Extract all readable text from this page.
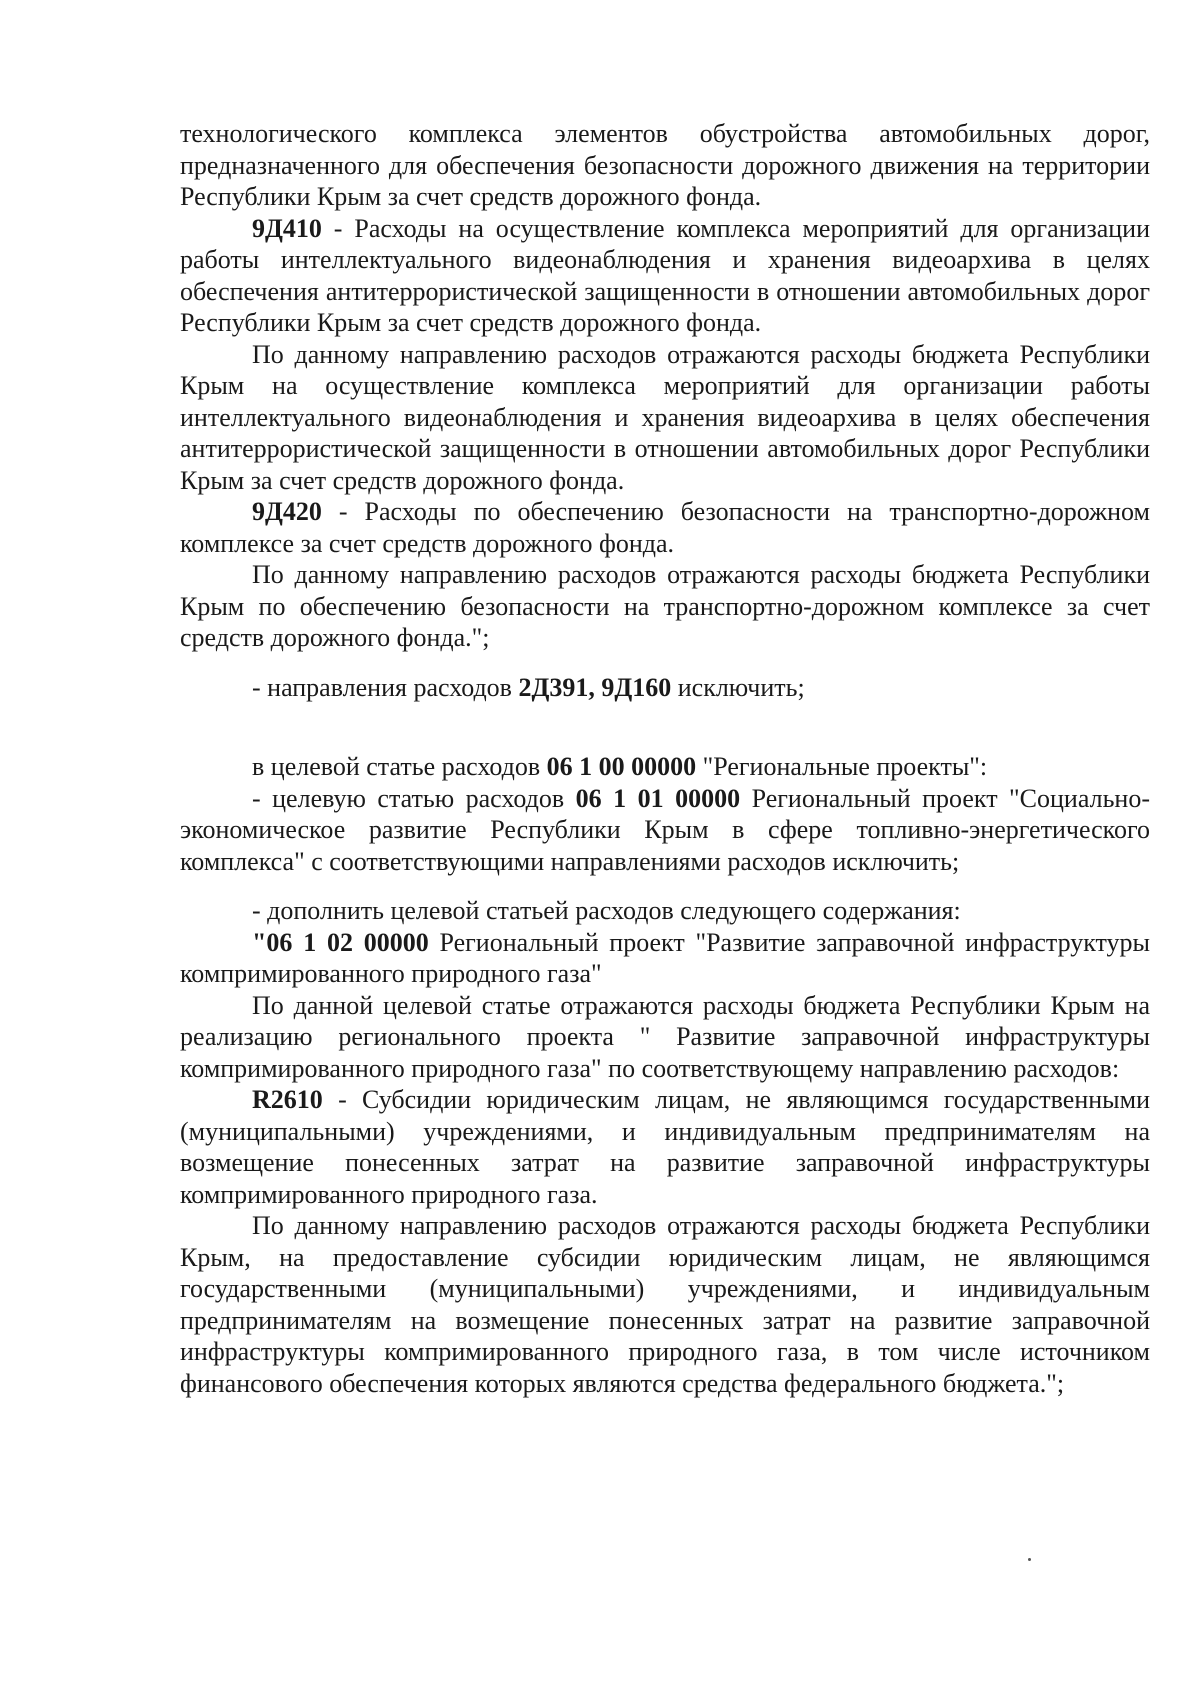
технологического комплекса элементов обустройства автомобильных дорог, предназначенного для обеспечения безопасности дорожного движения на территории Республики Крым за счет средств дорожного фонда.

9Д410 - Расходы на осуществление комплекса мероприятий для организации работы интеллектуального видеонаблюдения и хранения видеоархива в целях обеспечения антитеррористической защищенности в отношении автомобильных дорог Республики Крым за счет средств дорожного фонда.

По данному направлению расходов отражаются расходы бюджета Республики Крым на осуществление комплекса мероприятий для организации работы интеллектуального видеонаблюдения и хранения видеоархива в целях обеспечения антитеррористической защищенности в отношении автомобильных дорог Республики Крым за счет средств дорожного фонда.

9Д420 - Расходы по обеспечению безопасности на транспортно-дорожном комплексе за счет средств дорожного фонда.

По данному направлению расходов отражаются расходы бюджета Республики Крым по обеспечению безопасности на транспортно-дорожном комплексе за счет средств дорожного фонда.";

- направления расходов 2Д391, 9Д160 исключить;

в целевой статье расходов 06 1 00 00000 "Региональные проекты":

- целевую статью расходов 06 1 01 00000 Региональный проект "Социально-экономическое развитие Республики Крым в сфере топливно-энергетического комплекса" с соответствующими направлениями расходов исключить;

- дополнить целевой статьей расходов следующего содержания:

"06 1 02 00000 Региональный проект "Развитие заправочной инфраструктуры компримированного природного газа"

По данной целевой статье отражаются расходы бюджета Республики Крым на реализацию регионального проекта " Развитие заправочной инфраструктуры компримированного природного газа" по соответствующему направлению расходов:

R2610 - Субсидии юридическим лицам, не являющимся государственными (муниципальными) учреждениями, и индивидуальным предпринимателям на возмещение понесенных затрат на развитие заправочной инфраструктуры компримированного природного газа.

По данному направлению расходов отражаются расходы бюджета Республики Крым, на предоставление субсидии юридическим лицам, не являющимся государственными (муниципальными) учреждениями, и индивидуальным предпринимателям на возмещение понесенных затрат на развитие заправочной инфраструктуры компримированного природного газа, в том числе источником финансового обеспечения которых являются средства федерального бюджета.";
